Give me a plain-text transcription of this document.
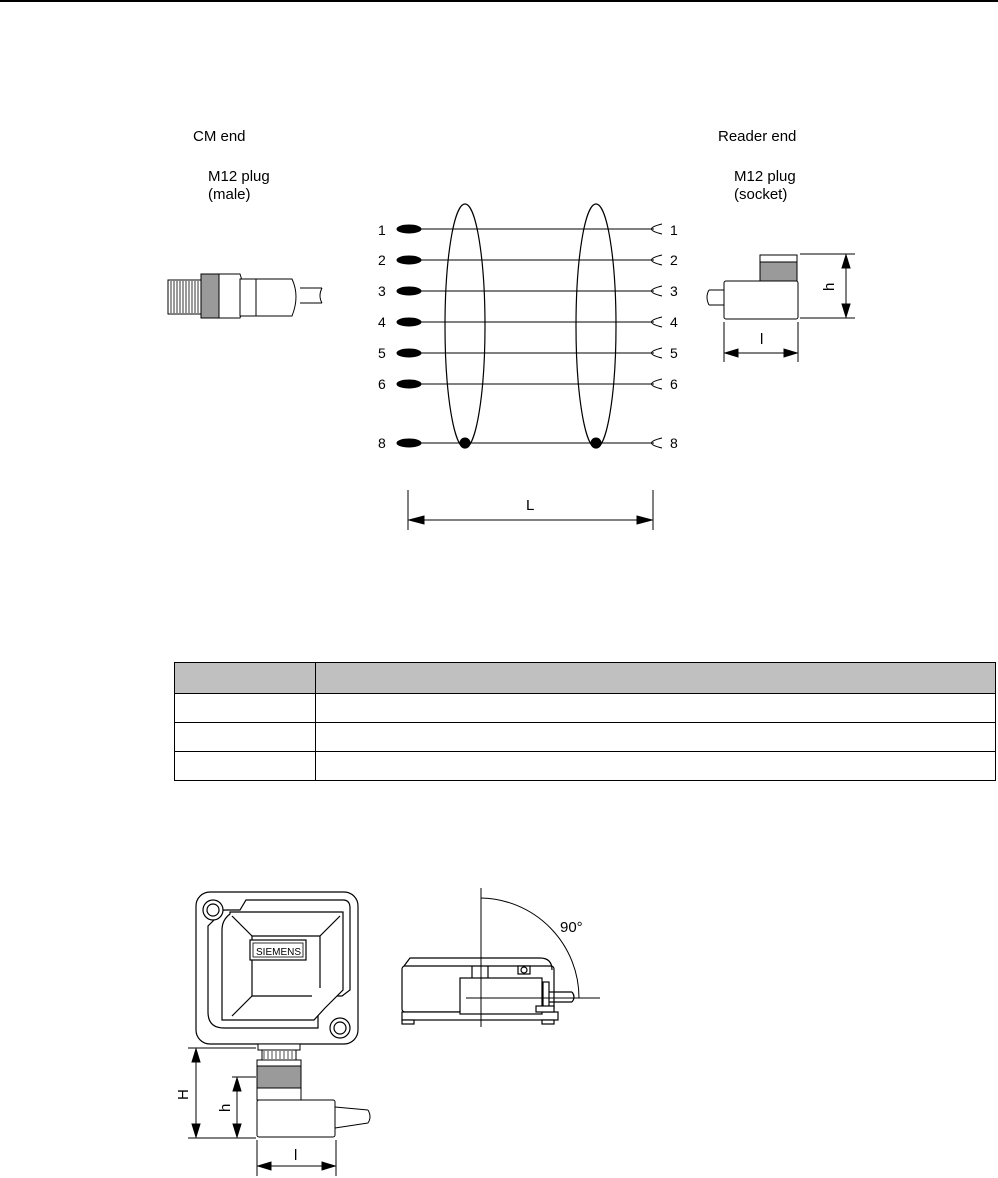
CM end
M12 plug
(male)
Reader end
M12 plug
(socket)
1
2
3
4
5
6
8
1
2
3
4
5
6
8
L
l
h

SIEMENS
H
h
l
90°
